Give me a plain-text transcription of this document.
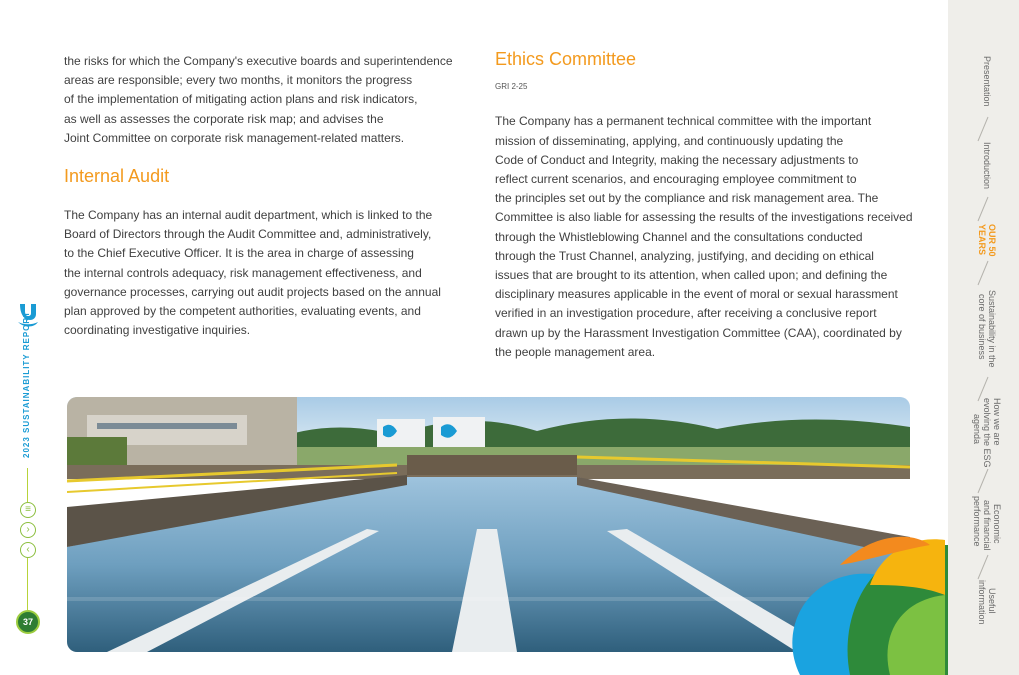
2023 SUSTAINABILITY REPORT
≡
›
‹
37

the risks for which the Company's executive boards and superintendence

areas are responsible; every two months, it monitors the progress

of the implementation of mitigating action plans and risk indicators,

as well as assesses the corporate risk map; and advises the

Joint Committee on corporate risk management-related matters.

Internal Audit

The Company has an internal audit department, which is linked to the

Board of Directors through the Audit Committee and, administratively,

to the Chief Executive Officer. It is the area in charge of assessing

the internal controls adequacy, risk management effectiveness, and

governance processes, carrying out audit projects based on the annual

plan approved by the competent authorities, evaluating events, and

coordinating investigative inquiries.

Ethics Committee
GRI 2-25

The Company has a permanent technical committee with the important

mission of disseminating, applying, and continuously updating the

Code of Conduct and Integrity, making the necessary adjustments to

reflect current scenarios, and encouraging employee commitment to

the principles set out by the compliance and risk management area. The

Committee is also liable for assessing the results of the investigations received

through the Whistleblowing Channel and the consultations conducted

through the Trust Channel, analyzing, justifying, and deciding on ethical

issues that are brought to its attention, when called upon; and defining the

disciplinary measures applicable in the event of moral or sexual harassment

verified in an investigation procedure, after receiving a conclusive report

drawn up by the Harassment Investigation Committee (CAA), coordinated by

the people management area.

Presentation
Introduction
OUR 50
YEARS
Sustainability in the
core of business
How we are
evolving the ESG
agenda
Economic
and financial
performance
Useful
information
